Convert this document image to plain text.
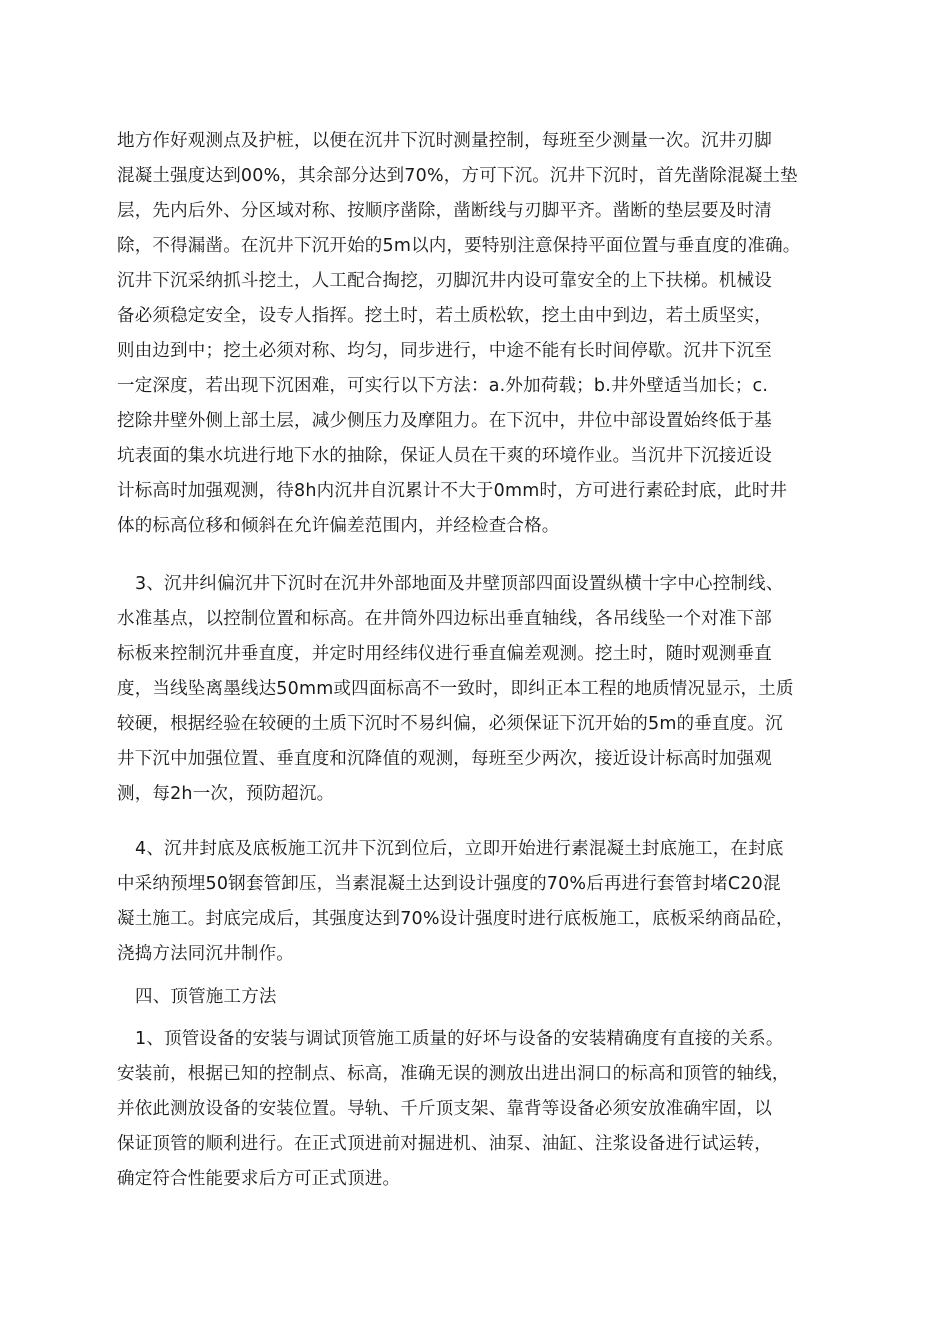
地方作好观测点及护桩，以便在沉井下沉时测量控制，每班至少测量一次。沉井刃脚
混凝土强度达到00%，其余部分达到70%，方可下沉。沉井下沉时，首先凿除混凝土垫
层，先内后外、分区域对称、按顺序凿除，凿断线与刃脚平齐。凿断的垫层要及时清
除，不得漏凿。在沉井下沉开始的5m以内，要特别注意保持平面位置与垂直度的准确。
沉井下沉采纳抓斗挖土，人工配合掏挖，刃脚沉井内设可靠安全的上下扶梯。机械设
备必须稳定安全，设专人指挥。挖土时，若土质松软，挖土由中到边，若土质坚实，
则由边到中；挖土必须对称、均匀，同步进行，中途不能有长时间停歇。沉井下沉至
一定深度，若出现下沉困难，可实行以下方法：a.外加荷载；b.井外壁适当加长；c.
挖除井壁外侧上部土层，减少侧压力及摩阻力。在下沉中，井位中部设置始终低于基
坑表面的集水坑进行地下水的抽除，保证人员在干爽的环境作业。当沉井下沉接近设
计标高时加强观测，待8h内沉井自沉累计不大于0mm时，方可进行素砼封底，此时井
体的标高位移和倾斜在允许偏差范围内，并经检查合格。
3、沉井纠偏沉井下沉时在沉井外部地面及井壁顶部四面设置纵横十字中心控制线、
水准基点，以控制位置和标高。在井筒外四边标出垂直轴线，各吊线坠一个对准下部
标板来控制沉井垂直度，并定时用经纬仪进行垂直偏差观测。挖土时，随时观测垂直
度，当线坠离墨线达50mm或四面标高不一致时，即纠正本工程的地质情况显示，土质
较硬，根据经验在较硬的土质下沉时不易纠偏，必须保证下沉开始的5m的垂直度。沉
井下沉中加强位置、垂直度和沉降值的观测，每班至少两次，接近设计标高时加强观
测，每2h一次，预防超沉。
4、沉井封底及底板施工沉井下沉到位后，立即开始进行素混凝土封底施工，在封底
中采纳预埋50钢套管卸压，当素混凝土达到设计强度的70%后再进行套管封堵C20混
凝土施工。封底完成后，其强度达到70%设计强度时进行底板施工，底板采纳商品砼，
浇捣方法同沉井制作。
四、顶管施工方法
1、顶管设备的安装与调试顶管施工质量的好坏与设备的安装精确度有直接的关系。
安装前，根据已知的控制点、标高，准确无误的测放出进出洞口的标高和顶管的轴线，
并依此测放设备的安装位置。导轨、千斤顶支架、靠背等设备必须安放准确牢固，以
保证顶管的顺利进行。在正式顶进前对掘进机、油泵、油缸、注浆设备进行试运转，
确定符合性能要求后方可正式顶进。
